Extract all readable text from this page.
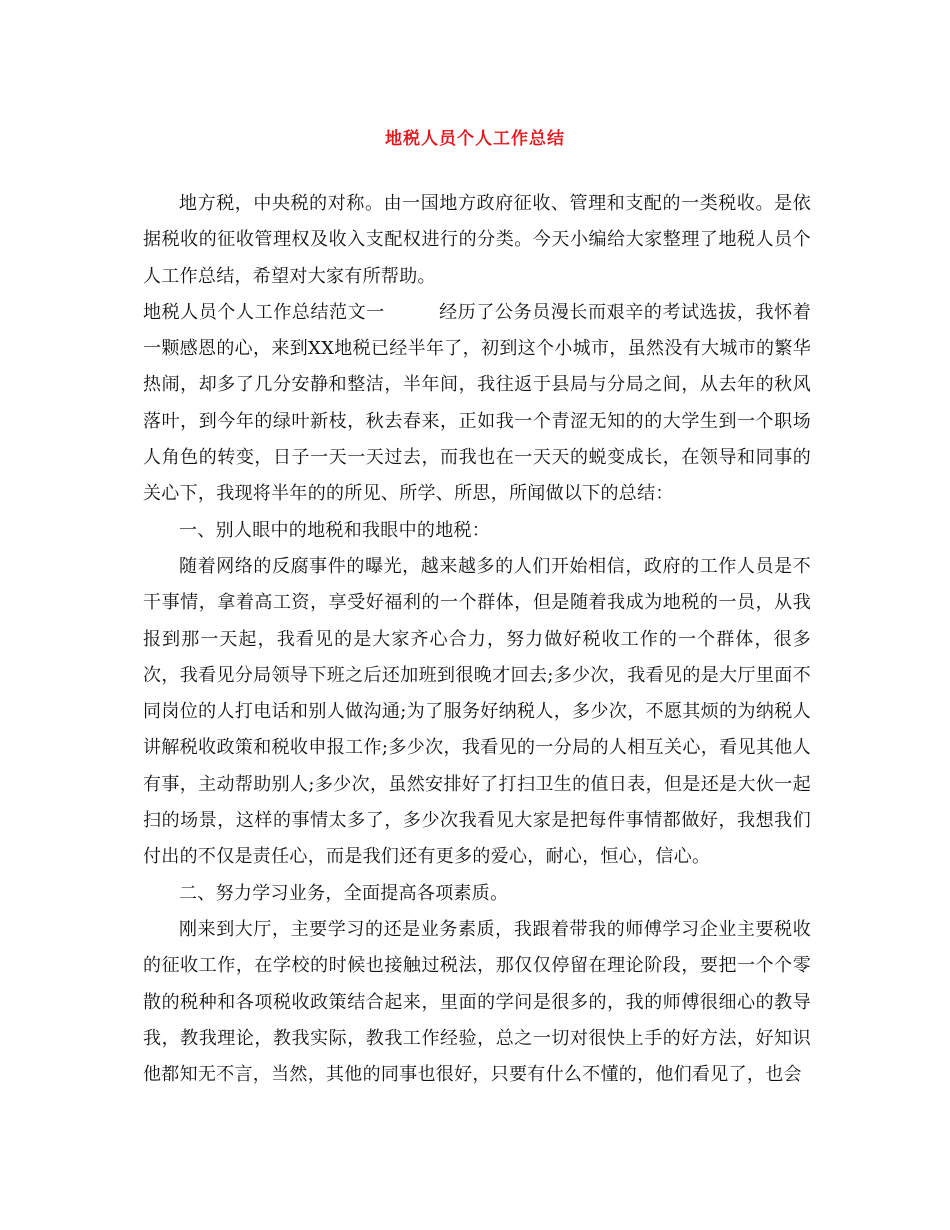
地税人员个人工作总结

地方税，中央税的对称。由一国地方政府征收、管理和支配的一类税收。是依据税收的征收管理权及收入支配权进行的分类。今天小编给大家整理了地税人员个人工作总结，希望对大家有所帮助。

地税人员个人工作总结范文一	经历了公务员漫长而艰辛的考试选拔，我怀着一颗感恩的心，来到XX地税已经半年了，初到这个小城市，虽然没有大城市的繁华热闹，却多了几分安静和整洁，半年间，我往返于县局与分局之间，从去年的秋风落叶，到今年的绿叶新枝，秋去春来，正如我一个青涩无知的的大学生到一个职场人角色的转变，日子一天一天过去，而我也在一天天的蜕变成长，在领导和同事的关心下，我现将半年的的所见、所学、所思，所闻做以下的总结：

一、别人眼中的地税和我眼中的地税：

随着网络的反腐事件的曝光，越来越多的人们开始相信，政府的工作人员是不干事情，拿着高工资，享受好福利的一个群体，但是随着我成为地税的一员，从我报到那一天起，我看见的是大家齐心合力，努力做好税收工作的一个群体，很多次，我看见分局领导下班之后还加班到很晚才回去;多少次，我看见的是大厅里面不同岗位的人打电话和别人做沟通;为了服务好纳税人，多少次，不愿其烦的为纳税人讲解税收政策和税收申报工作;多少次，我看见的一分局的人相互关心，看见其他人有事，主动帮助别人;多少次，虽然安排好了打扫卫生的值日表，但是还是大伙一起扫的场景，这样的事情太多了，多少次我看见大家是把每件事情都做好，我想我们付出的不仅是责任心，而是我们还有更多的爱心，耐心，恒心，信心。

二、努力学习业务，全面提高各项素质。

刚来到大厅，主要学习的还是业务素质，我跟着带我的师傅学习企业主要税收的征收工作，在学校的时候也接触过税法，那仅仅停留在理论阶段，要把一个个零散的税种和各项税收政策结合起来，里面的学问是很多的，我的师傅很细心的教导我，教我理论，教我实际，教我工作经验，总之一切对很快上手的好方法，好知识他都知无不言，当然，其他的同事也很好，只要有什么不懂的，他们看见了，也会
